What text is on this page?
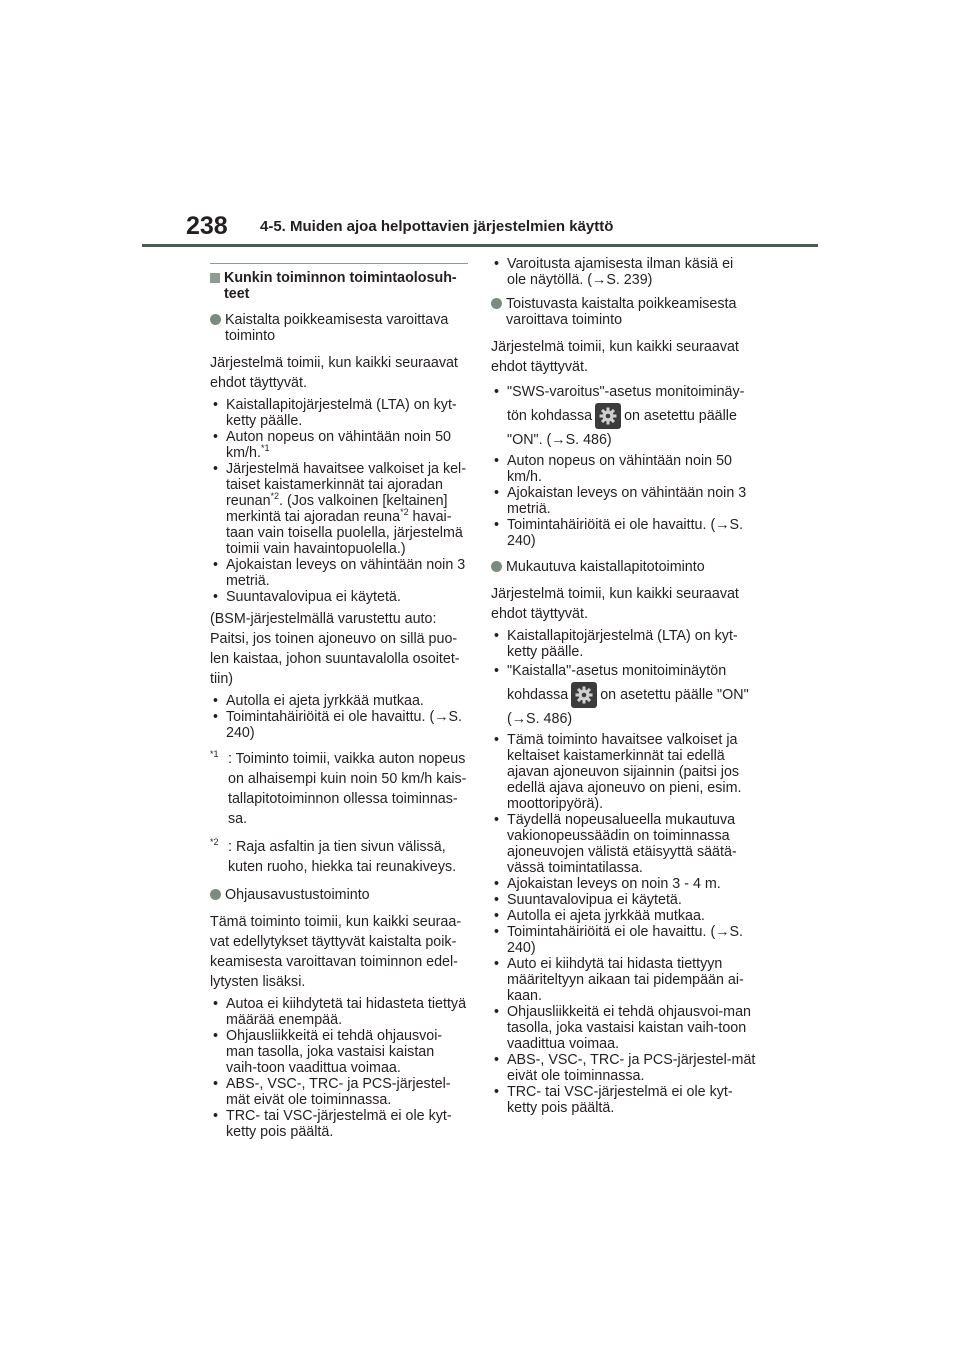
238 4-5. Muiden ajoa helpottavien järjestelmien käyttö
Kunkin toiminnon toimintaolosuh-teet
Kaistalta poikkeamisesta varoittava toiminto
Järjestelmä toimii, kun kaikki seuraavat ehdot täyttyvät.
• Kaistallapitojärjestelmä (LTA) on kyt-ketty päälle.
• Auton nopeus on vähintään noin 50 km/h.$^{*1}$
• Järjestelmä havaitsee valkoiset ja kel-taiset kaistamerkinnät tai ajoradan reunan$^{*2}$. (Jos valkoinen [keltainen] merkintä tai ajoradan reuna$^{*2}$ havai-taan vain toisella puolella, järjestelmä toimii vain havaintopuolella.)
• Ajokaistan leveys on vähintään noin 3 metriä.
• Suuntavalovipua ei käytetä.
(BSM-järjestelmällä varustettu auto: Paitsi, jos toinen ajoneuvo on sillä puo-len kaistaa, johon suuntavalolla osoitet-tiin)
• Autolla ei ajeta jyrkkää mutkaa.
• Toimintahäiriöitä ei ole havaittu. (→S. 240)
$^{*1}$ : Toiminto toimii, vaikka auton nopeus on alhaisempi kuin noin 50 km/h kais-tallapitotoiminnon ollessa toiminnas-sa.
$^{*2}$ : Raja asfaltin ja tien sivun välissä, kuten ruoho, hiekka tai reunakiveys.
Ohjausavustustoiminto
Tämä toiminto toimii, kun kaikki seuraa-vat edellytykset täyttyvät kaistalta poik-keamisesta varoittavan toiminnon edel-lytysten lisäksi.
• Autoa ei kiihdytetä tai hidasteta tiettyä määrää enempää.
• Ohjausliikkeitä ei tehdä ohjausvoi-man tasolla, joka vastaisi kaistan vaih-toon vaadittua voimaa.
• ABS-, VSC-, TRC- ja PCS-järjestel-mät eivät ole toiminnassa.
• TRC- tai VSC-järjestelmä ei ole kyt-ketty pois päältä.
• Varoitusta ajamisesta ilman käsiä ei ole näytöllä. (→S. 239)
Toistuvasta kaistalta poikkeamisesta varoittava toiminto
Järjestelmä toimii, kun kaikki seuraavat ehdot täyttyvät.
• "SWS-varoitus"-asetus monitoiminäy-tön kohdassa on asetettu päälle "ON". (→S. 486)
• Auton nopeus on vähintään noin 50 km/h.
• Ajokaistan leveys on vähintään noin 3 metriä.
• Toimintahäiriöitä ei ole havaittu. (→S. 240)
Mukautuva kaistallapitotoiminto
Järjestelmä toimii, kun kaikki seuraavat ehdot täyttyvät.
• Kaistallapitojärjestelmä (LTA) on kyt-ketty päälle.
• "Kaistalla"-asetus monitoiminäytön kohdassa on asetettu päälle "ON" (→S. 486)
• Tämä toiminto havaitsee valkoiset ja keltaiset kaistamerkinnät tai edellä ajavan ajoneuvon sijainnin (paitsi jos edellä ajava ajoneuvo on pieni, esim. moottoripyörä).
• Täydellä nopeusalueella mukautuva vakionopeussäädin on toiminnassa ajoneuvojen välistä etäisyyttä säätä-vässä toimintatilassa.
• Ajokaistan leveys on noin 3 - 4 m.
• Suuntavalovipua ei käytetä.
• Autolla ei ajeta jyrkkää mutkaa.
• Toimintahäiriöitä ei ole havaittu. (→S. 240)
• Auto ei kiihdytä tai hidasta tiettyyn määriteltyyn aikaan tai pidempään ai-kaan.
• Ohjausliikkeitä ei tehdä ohjausvoi-man tasolla, joka vastaisi kaistan vaih-toon vaadittua voimaa.
• ABS-, VSC-, TRC- ja PCS-järjestel-mät eivät ole toiminnassa.
• TRC- tai VSC-järjestelmä ei ole kyt-ketty pois päältä.
